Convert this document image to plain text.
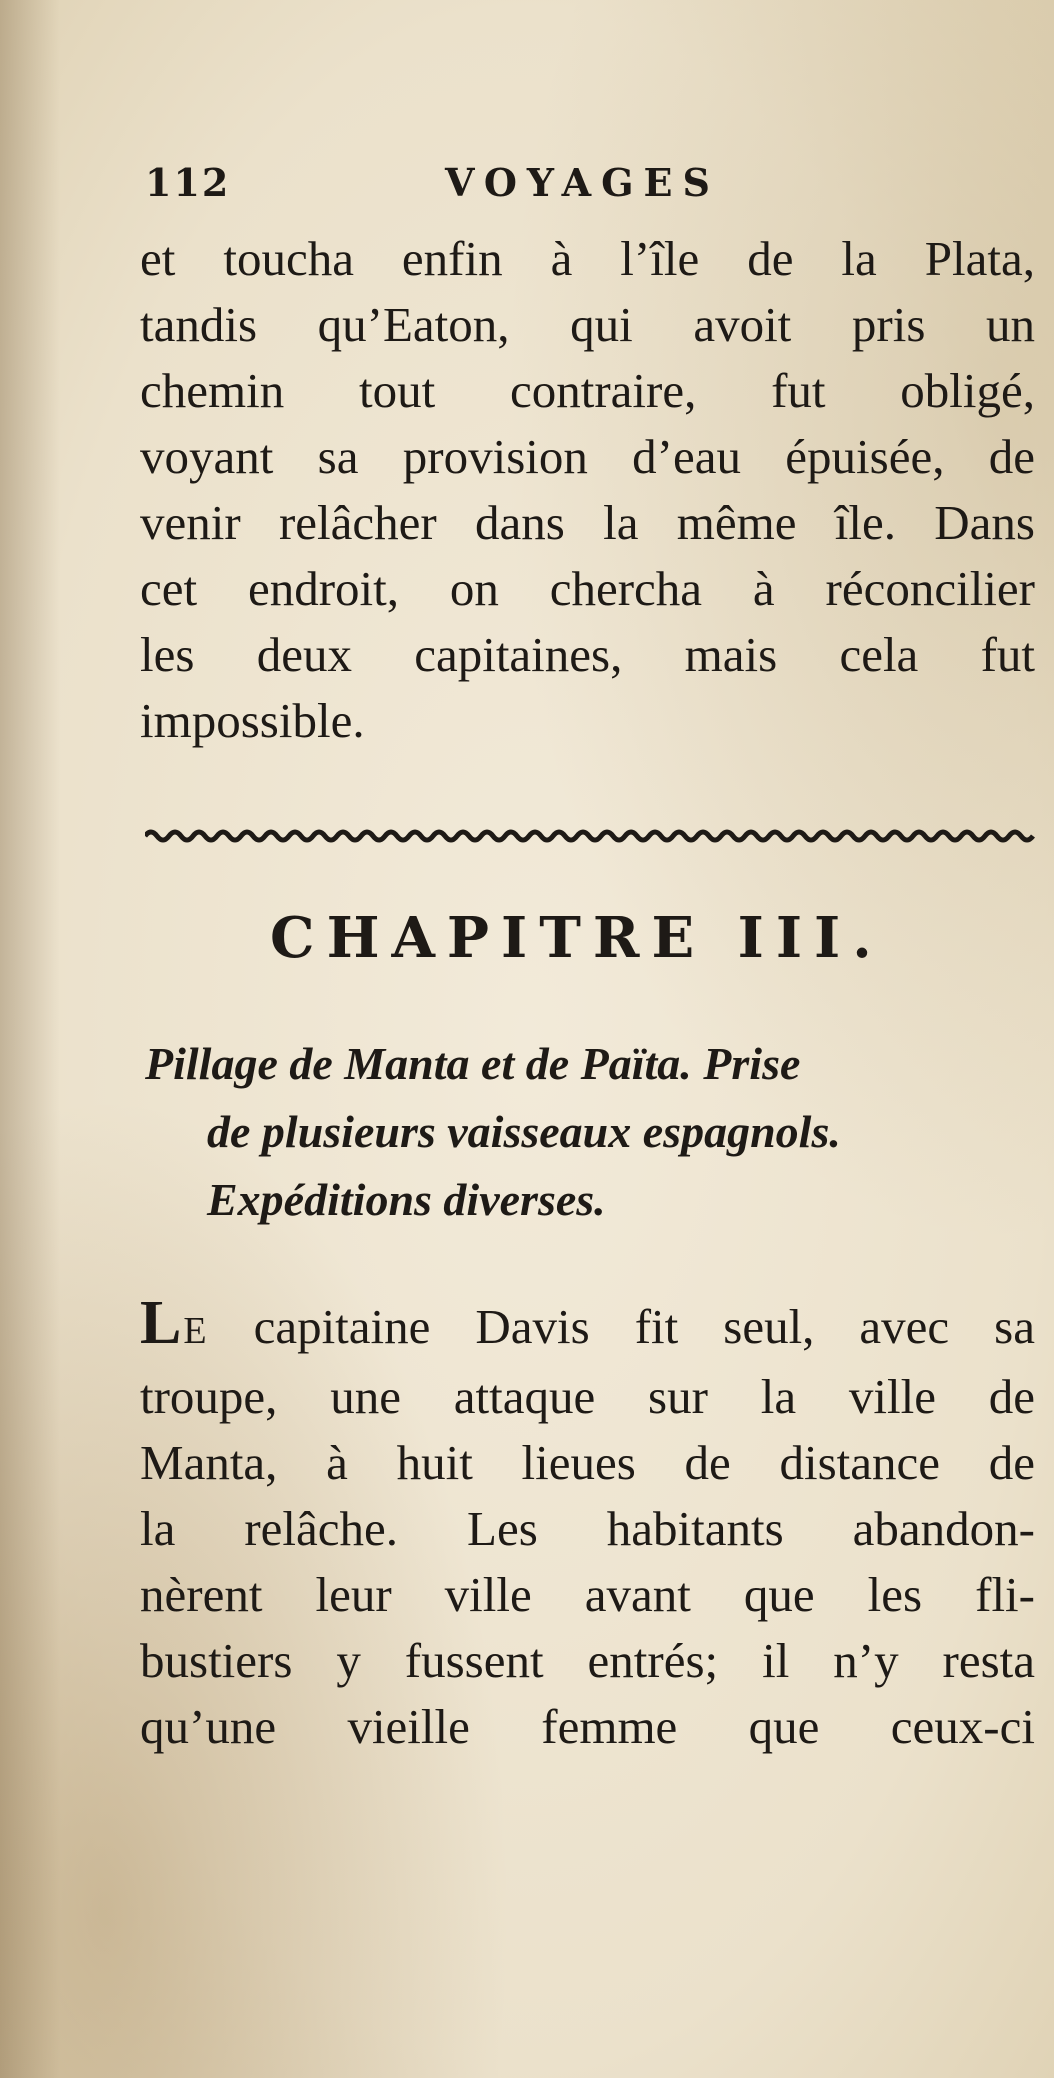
112	VOYAGES
et toucha enfin à l’île de la Plata,
tandis qu’Eaton, qui avoit pris un
chemin tout contraire, fut obligé,
voyant sa provision d’eau épuisée, de
venir relâcher dans la même île. Dans
cet endroit, on chercha à réconcilier
les deux capitaines, mais cela fut
impossible.
CHAPITRE III.
Pillage de Manta et de Païta. Prise
de plusieurs vaisseaux espagnols.
Expéditions diverses.
LE capitaine Davis fit seul, avec sa
troupe, une attaque sur la ville de
Manta, à huit lieues de distance de
la relâche. Les habitants abandon-
nèrent leur ville avant que les fli-
bustiers y fussent entrés; il n’y resta
qu’une vieille femme que ceux-ci
